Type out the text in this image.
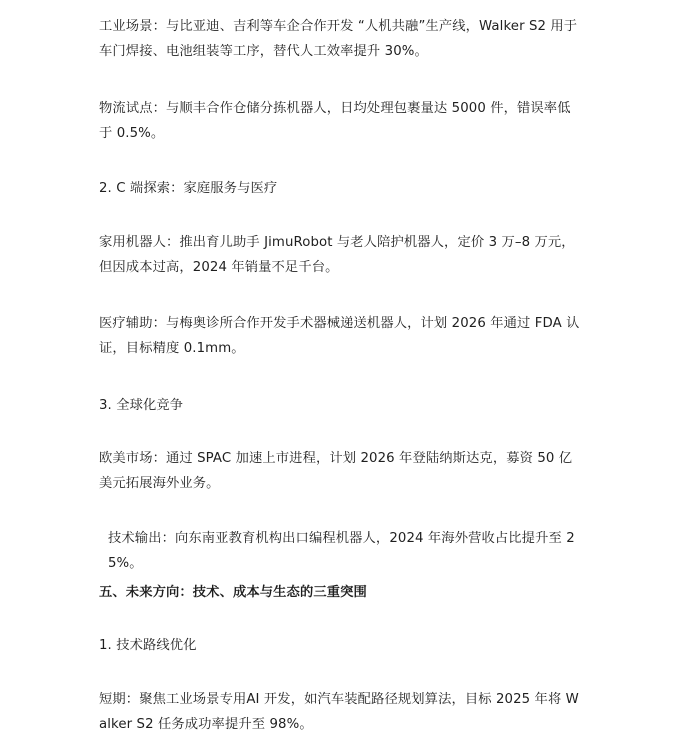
工业场景：与比亚迪、吉利等车企合作开发 “人机共融”生产线，Walker S2 用于车门焊接、电池组装等工序，替代人工效率提升 30%。

物流试点：与顺丰合作仓储分拣机器人，日均处理包裹量达 5000 件，错误率低于 0.5%。

2. C 端探索：家庭服务与医疗

家用机器人：推出育儿助手 JimuRobot 与老人陪护机器人，定价 3 万–8 万元，但因成本过高，2024 年销量不足千台。

医疗辅助：与梅奥诊所合作开发手术器械递送机器人，计划 2026 年通过 FDA 认证，目标精度 0.1mm。

3. 全球化竞争

欧美市场：通过 SPAC 加速上市进程，计划 2026 年登陆纳斯达克，募资 50 亿美元拓展海外业务。

技术输出：向东南亚教育机构出口编程机器人，2024 年海外营收占比提升至 25%。

五、未来方向：技术、成本与生态的三重突围

1. 技术路线优化

短期：聚焦工业场景专用AI 开发，如汽车装配路径规划算法，目标 2025 年将 Walker S2 任务成功率提升至 98%。
